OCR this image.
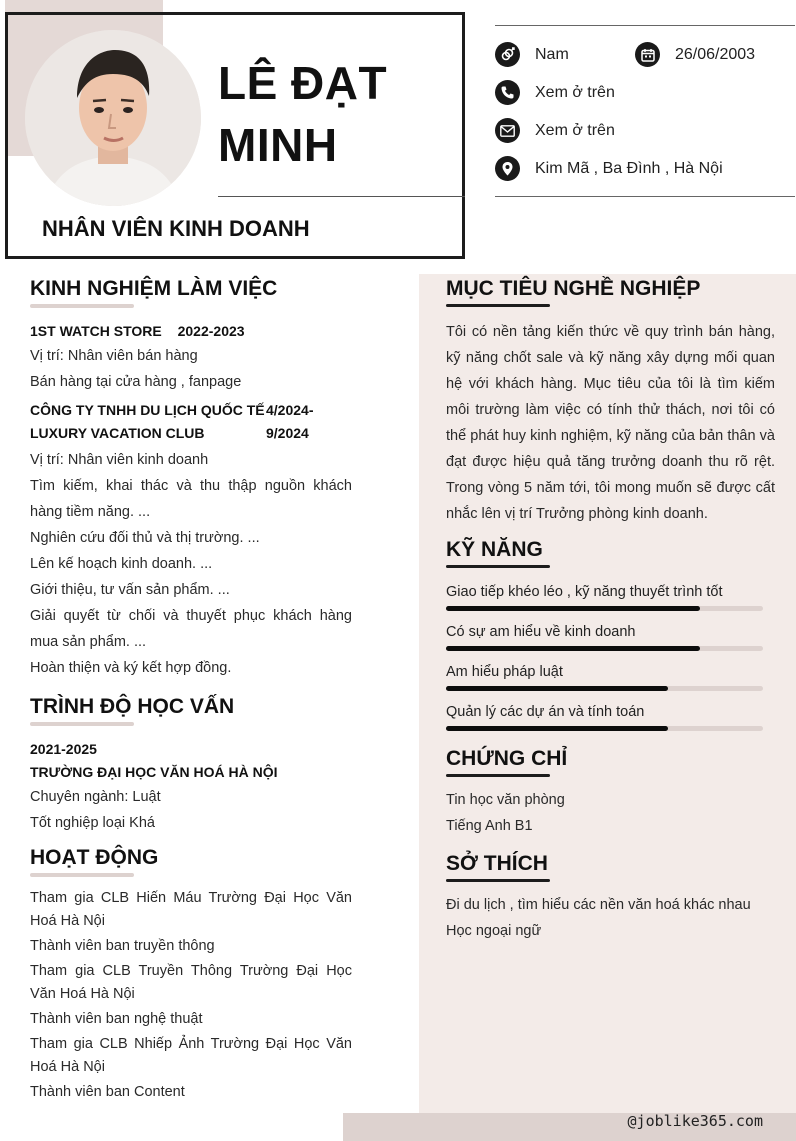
LÊ ĐẠT
MINH
NHÂN VIÊN KINH DOANH
Nam	26/06/2003
Xem ở trên
Xem ở trên
Kim Mã , Ba Đình , Hà Nội
KINH NGHIỆM LÀM VIỆC
1ST WATCH STORE 2022-2023
Vị trí: Nhân viên bán hàng
Bán hàng tại cửa hàng , fanpage
CÔNG TY TNHH DU LỊCH QUỐC TẾ
LUXURY VACATION CLUB
4/2024-
9/2024
Vị trí: Nhân viên kinh doanh
Tìm kiếm, khai thác và thu thập nguồn khách hàng tiềm năng. ...
Nghiên cứu đối thủ và thị trường. ...
Lên kế hoạch kinh doanh. ...
Giới thiệu, tư vấn sản phẩm. ...
Giải quyết từ chối và thuyết phục khách hàng mua sản phẩm. ...
Hoàn thiện và ký kết hợp đồng.
TRÌNH ĐỘ HỌC VẤN
2021-2025
TRƯỜNG ĐẠI HỌC VĂN HOÁ HÀ NỘI
Chuyên ngành: Luật
Tốt nghiệp loại Khá
HOẠT ĐỘNG
Tham gia CLB Hiến Máu Trường Đại Học Văn Hoá Hà Nội
Thành viên ban truyền thông
Tham gia CLB Truyền Thông Trường Đại Học Văn Hoá Hà Nội
Thành viên ban nghệ thuật
Tham gia CLB Nhiếp Ảnh Trường Đại Học Văn Hoá Hà Nội
Thành viên ban Content
MỤC TIÊU NGHỀ NGHIỆP
Tôi có nền tảng kiến thức về quy trình bán hàng, kỹ năng chốt sale và kỹ năng xây dựng mối quan hệ với khách hàng. Mục tiêu của tôi là tìm kiếm môi trường làm việc có tính thử thách, nơi tôi có thể phát huy kinh nghiệm, kỹ năng của bản thân và đạt được hiệu quả tăng trưởng doanh thu rõ rệt. Trong vòng 5 năm tới, tôi mong muốn sẽ được cất nhắc lên vị trí Trưởng phòng kinh doanh.
KỸ NĂNG
Giao tiếp khéo léo , kỹ năng thuyết trình tốt
Có sự am hiểu về kinh doanh
Am hiểu pháp luật
Quản lý các dự án và tính toán
CHỨNG CHỈ
Tin học văn phòng
Tiếng Anh B1
SỞ THÍCH
Đi du lịch , tìm hiểu các nền văn hoá khác nhau
Học ngoại ngữ
@joblike365.com
